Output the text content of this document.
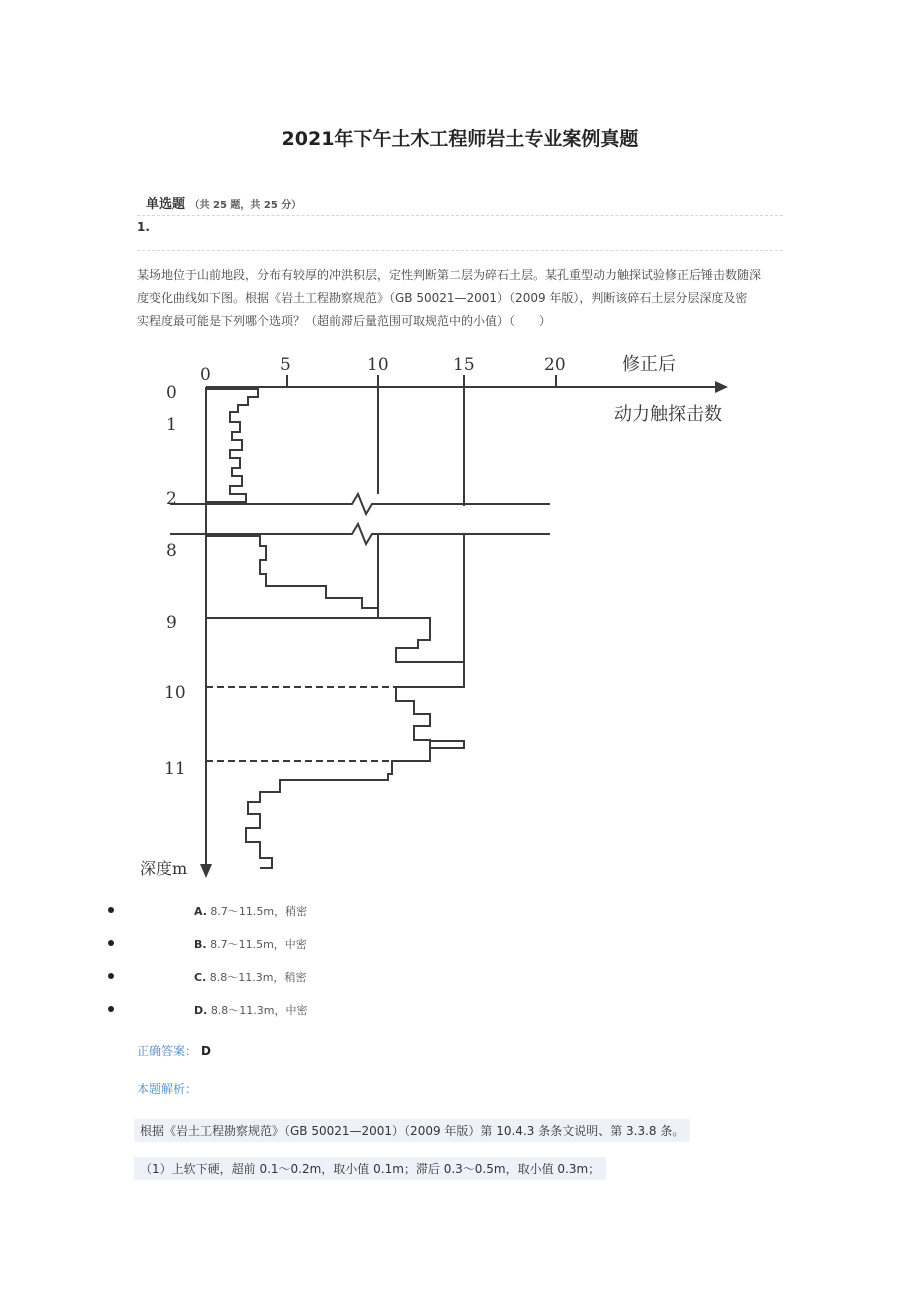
2021年下午土木工程师岩土专业案例真题
单选题 （共 25 题，共 25 分）
1.
某场地位于山前地段，分布有较厚的冲洪积层，定性判断第二层为碎石土层。某孔重型动力触探试验修正后锤击数随深
度变化曲线如下图。根据《岩土工程勘察规范》（GB 50021—2001）（2009 年版），判断该碎石土层分层深度及密
实程度最可能是下列哪个选项？（超前滞后量范围可取规范中的小值）（　　）
0	5	10	15	20	修正后
动力触探击数
0
1
2
8
9
10
11
深度m
A. 8.7～11.5m，稍密
B. 8.7～11.5m，中密
C. 8.8～11.3m，稍密
D. 8.8～11.3m，中密
正确答案： D
本题解析：
根据《岩土工程勘察规范》（GB 50021—2001）（2009 年版）第 10.4.3 条条文说明、第 3.3.8 条。
（1）上软下硬，超前 0.1～0.2m，取小值 0.1m；滞后 0.3～0.5m，取小值 0.3m；
